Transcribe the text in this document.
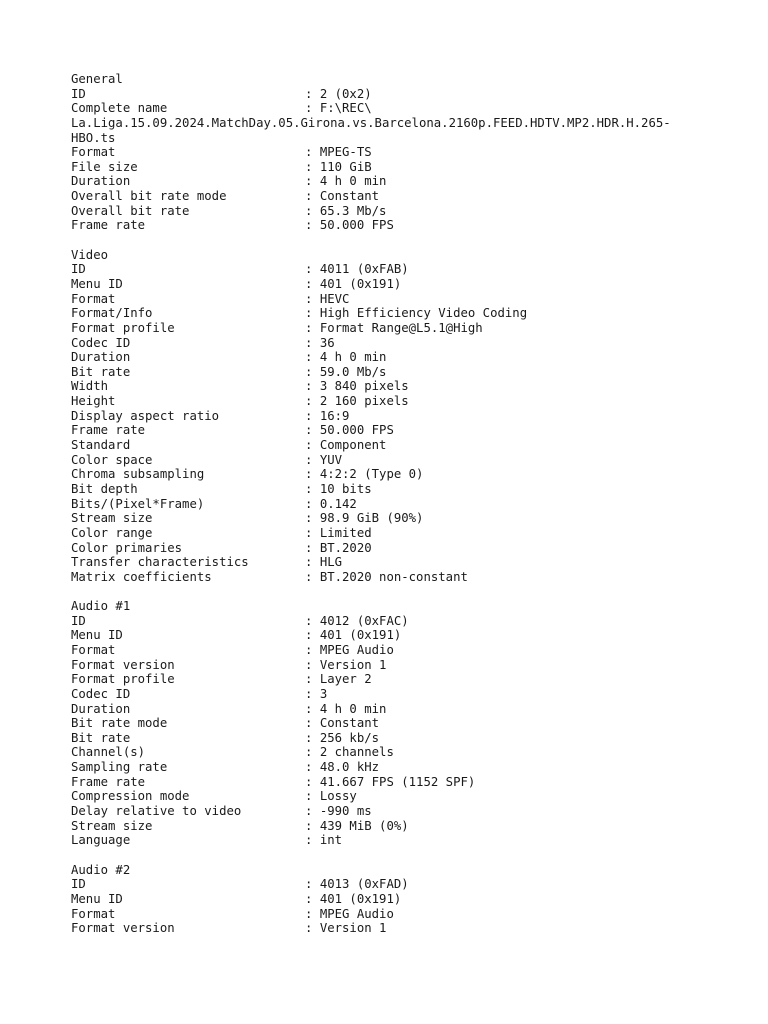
General
ID	: 2 (0x2)
Complete name	: F:\REC\
La.Liga.15.09.2024.MatchDay.05.Girona.vs.Barcelona.2160p.FEED.HDTV.MP2.HDR.H.265-
HBO.ts
Format	: MPEG-TS
File size	: 110 GiB
Duration	: 4 h 0 min
Overall bit rate mode	: Constant
Overall bit rate	: 65.3 Mb/s
Frame rate	: 50.000 FPS
Video
ID	: 4011 (0xFAB)
Menu ID	: 401 (0x191)
Format	: HEVC
Format/Info	: High Efficiency Video Coding
Format profile	: Format Range@L5.1@High
Codec ID	: 36
Duration	: 4 h 0 min
Bit rate	: 59.0 Mb/s
Width	: 3 840 pixels
Height	: 2 160 pixels
Display aspect ratio	: 16:9
Frame rate	: 50.000 FPS
Standard	: Component
Color space	: YUV
Chroma subsampling	: 4:2:2 (Type 0)
Bit depth	: 10 bits
Bits/(Pixel*Frame)	: 0.142
Stream size	: 98.9 GiB (90%)
Color range	: Limited
Color primaries	: BT.2020
Transfer characteristics	: HLG
Matrix coefficients	: BT.2020 non-constant
Audio #1
ID	: 4012 (0xFAC)
Menu ID	: 401 (0x191)
Format	: MPEG Audio
Format version	: Version 1
Format profile	: Layer 2
Codec ID	: 3
Duration	: 4 h 0 min
Bit rate mode	: Constant
Bit rate	: 256 kb/s
Channel(s)	: 2 channels
Sampling rate	: 48.0 kHz
Frame rate	: 41.667 FPS (1152 SPF)
Compression mode	: Lossy
Delay relative to video	: -990 ms
Stream size	: 439 MiB (0%)
Language	: int
Audio #2
ID	: 4013 (0xFAD)
Menu ID	: 401 (0x191)
Format	: MPEG Audio
Format version	: Version 1
